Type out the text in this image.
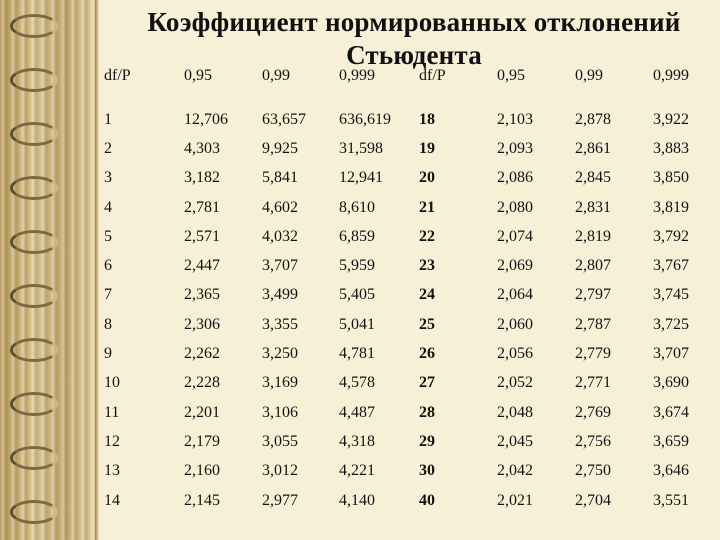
Коэффициент нормированных отклонений
Стьюдента
df/P	0,95	0,99	0,999	df/P	0,95	0,99	0,999

1	12,706	63,657	636,619	18	2,103	2,878	3,922
2	4,303	9,925	31,598	19	2,093	2,861	3,883
3	3,182	5,841	12,941	20	2,086	2,845	3,850
4	2,781	4,602	8,610	21	2,080	2,831	3,819
5	2,571	4,032	6,859	22	2,074	2,819	3,792
6	2,447	3,707	5,959	23	2,069	2,807	3,767
7	2,365	3,499	5,405	24	2,064	2,797	3,745
8	2,306	3,355	5,041	25	2,060	2,787	3,725
9	2,262	3,250	4,781	26	2,056	2,779	3,707
10	2,228	3,169	4,578	27	2,052	2,771	3,690
11	2,201	3,106	4,487	28	2,048	2,769	3,674
12	2,179	3,055	4,318	29	2,045	2,756	3,659
13	2,160	3,012	4,221	30	2,042	2,750	3,646
14	2,145	2,977	4,140	40	2,021	2,704	3,551
